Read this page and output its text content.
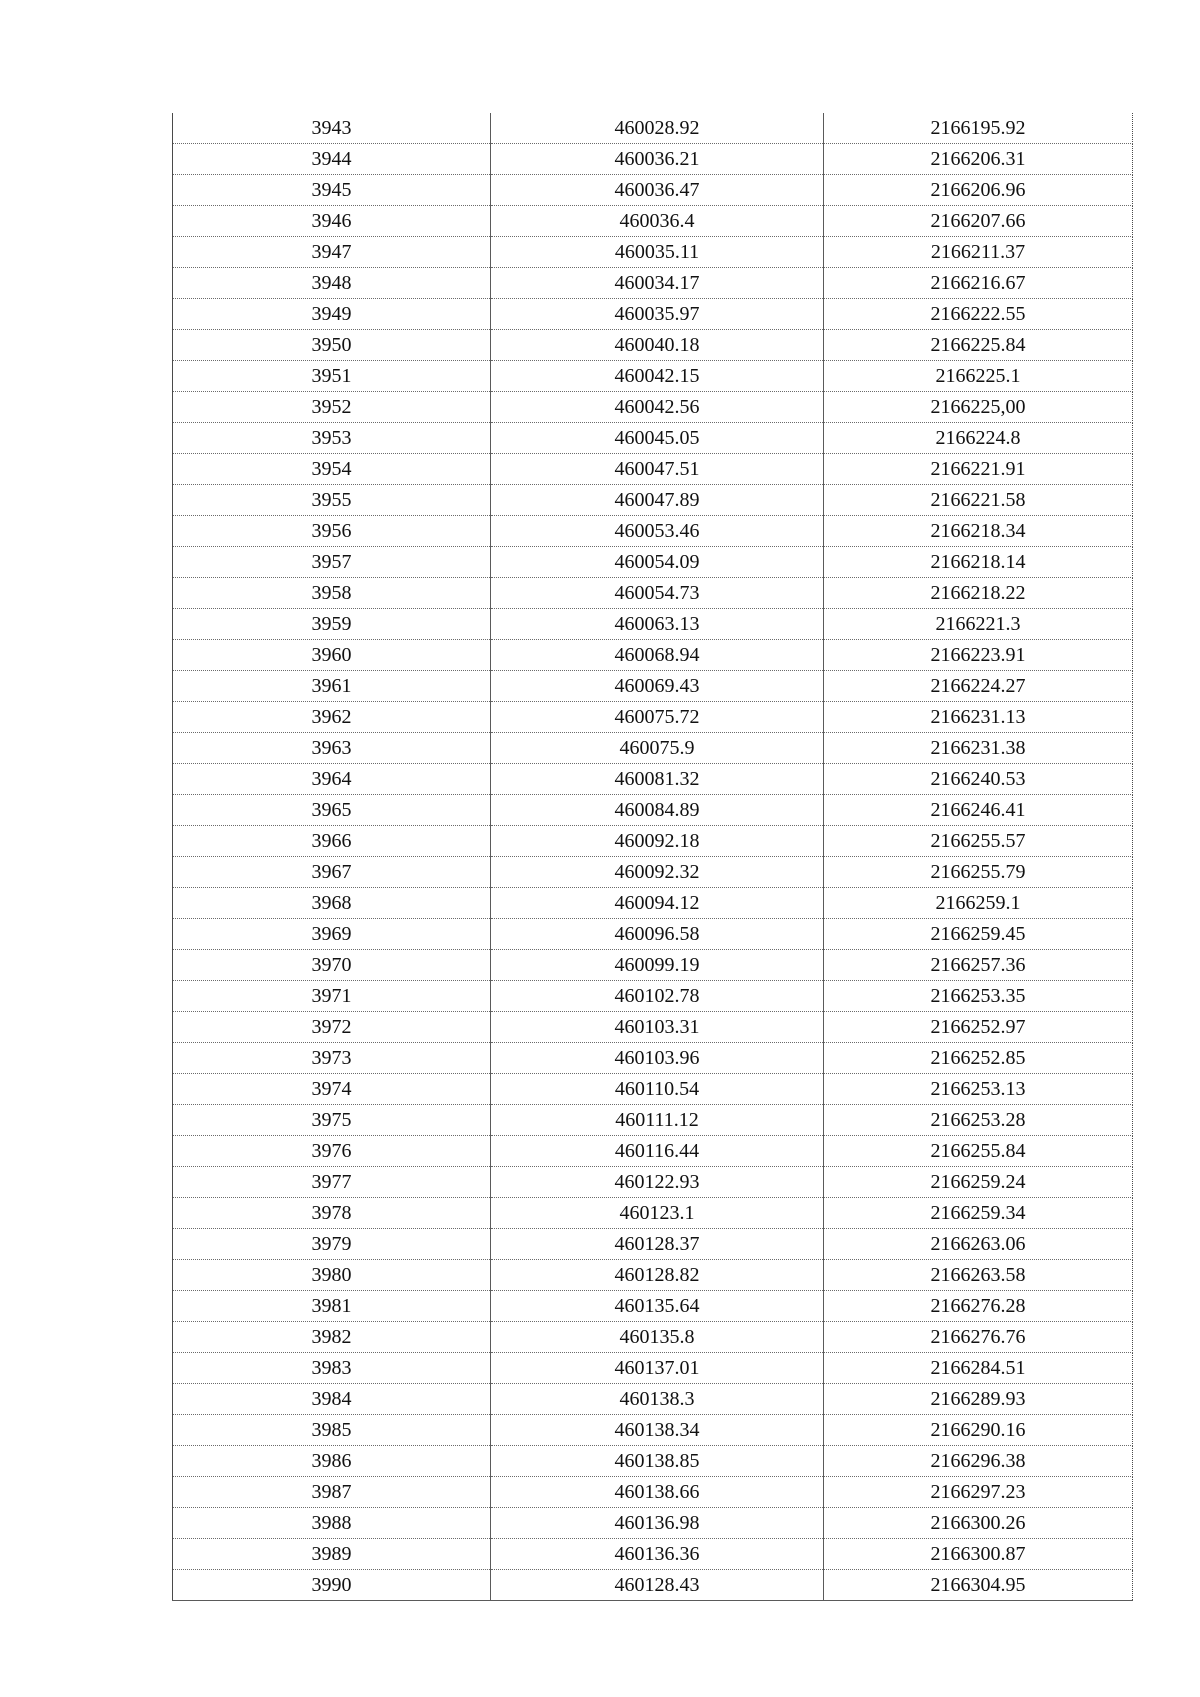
3943	460028.92	2166195.92
3944	460036.21	2166206.31
3945	460036.47	2166206.96
3946	460036.4	2166207.66
3947	460035.11	2166211.37
3948	460034.17	2166216.67
3949	460035.97	2166222.55
3950	460040.18	2166225.84
3951	460042.15	2166225.1
3952	460042.56	2166225,00
3953	460045.05	2166224.8
3954	460047.51	2166221.91
3955	460047.89	2166221.58
3956	460053.46	2166218.34
3957	460054.09	2166218.14
3958	460054.73	2166218.22
3959	460063.13	2166221.3
3960	460068.94	2166223.91
3961	460069.43	2166224.27
3962	460075.72	2166231.13
3963	460075.9	2166231.38
3964	460081.32	2166240.53
3965	460084.89	2166246.41
3966	460092.18	2166255.57
3967	460092.32	2166255.79
3968	460094.12	2166259.1
3969	460096.58	2166259.45
3970	460099.19	2166257.36
3971	460102.78	2166253.35
3972	460103.31	2166252.97
3973	460103.96	2166252.85
3974	460110.54	2166253.13
3975	460111.12	2166253.28
3976	460116.44	2166255.84
3977	460122.93	2166259.24
3978	460123.1	2166259.34
3979	460128.37	2166263.06
3980	460128.82	2166263.58
3981	460135.64	2166276.28
3982	460135.8	2166276.76
3983	460137.01	2166284.51
3984	460138.3	2166289.93
3985	460138.34	2166290.16
3986	460138.85	2166296.38
3987	460138.66	2166297.23
3988	460136.98	2166300.26
3989	460136.36	2166300.87
3990	460128.43	2166304.95
